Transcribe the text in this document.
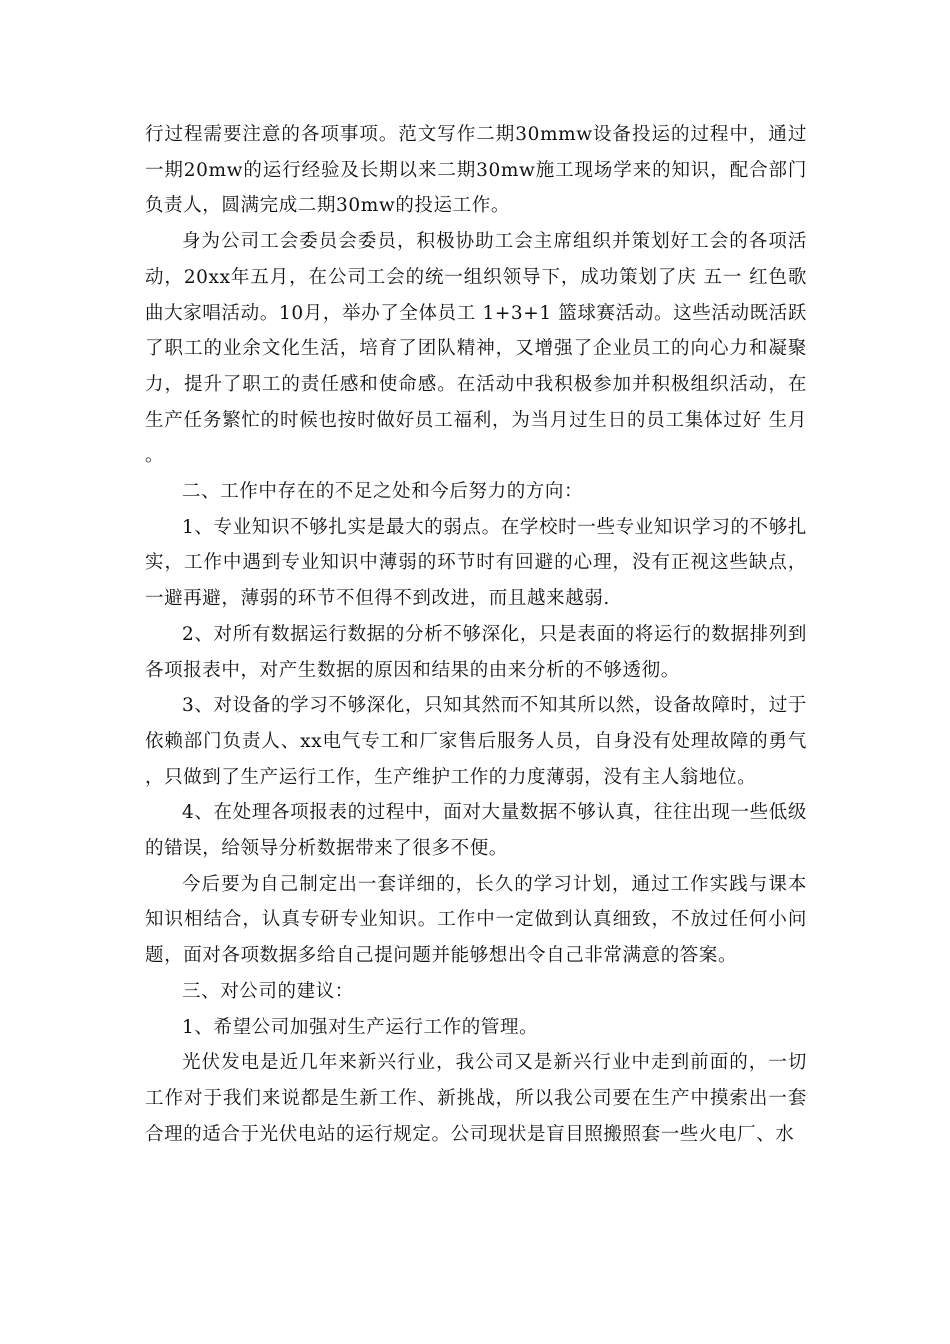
行过程需要注意的各项事项。范文写作二期30mmw设备投运的过程中，通过一期20mw的运行经验及长期以来二期30mw施工现场学来的知识，配合部门负责人，圆满完成二期30mw的投运工作。

身为公司工会委员会委员，积极协助工会主席组织并策划好工会的各项活动，20xx年五月，在公司工会的统一组织领导下，成功策划了庆 五一 红色歌曲大家唱活动。10月，举办了全体员工 1+3+1 篮球赛活动。这些活动既活跃了职工的业余文化生活，培育了团队精神，又增强了企业员工的向心力和凝聚力，提升了职工的责任感和使命感。在活动中我积极参加并积极组织活动，在生产任务繁忙的时候也按时做好员工福利，为当月过生日的员工集体过好 生月 。

二、工作中存在的不足之处和今后努力的方向：

1、专业知识不够扎实是最大的弱点。在学校时一些专业知识学习的不够扎实，工作中遇到专业知识中薄弱的环节时有回避的心理，没有正视这些缺点，一避再避，薄弱的环节不但得不到改进，而且越来越弱.

2、对所有数据运行数据的分析不够深化，只是表面的将运行的数据排列到各项报表中，对产生数据的原因和结果的由来分析的不够透彻。

3、对设备的学习不够深化，只知其然而不知其所以然，设备故障时，过于依赖部门负责人、xx电气专工和厂家售后服务人员，自身没有处理故障的勇气，只做到了生产运行工作，生产维护工作的力度薄弱，没有主人翁地位。

4、在处理各项报表的过程中，面对大量数据不够认真，往往出现一些低级的错误，给领导分析数据带来了很多不便。

今后要为自己制定出一套详细的，长久的学习计划，通过工作实践与课本知识相结合，认真专研专业知识。工作中一定做到认真细致，不放过任何小问题，面对各项数据多给自己提问题并能够想出令自己非常满意的答案。

三、对公司的建议：

1、希望公司加强对生产运行工作的管理。

光伏发电是近几年来新兴行业，我公司又是新兴行业中走到前面的，一切工作对于我们来说都是生新工作、新挑战，所以我公司要在生产中摸索出一套合理的适合于光伏电站的运行规定。公司现状是盲目照搬照套一些火电厂、水
